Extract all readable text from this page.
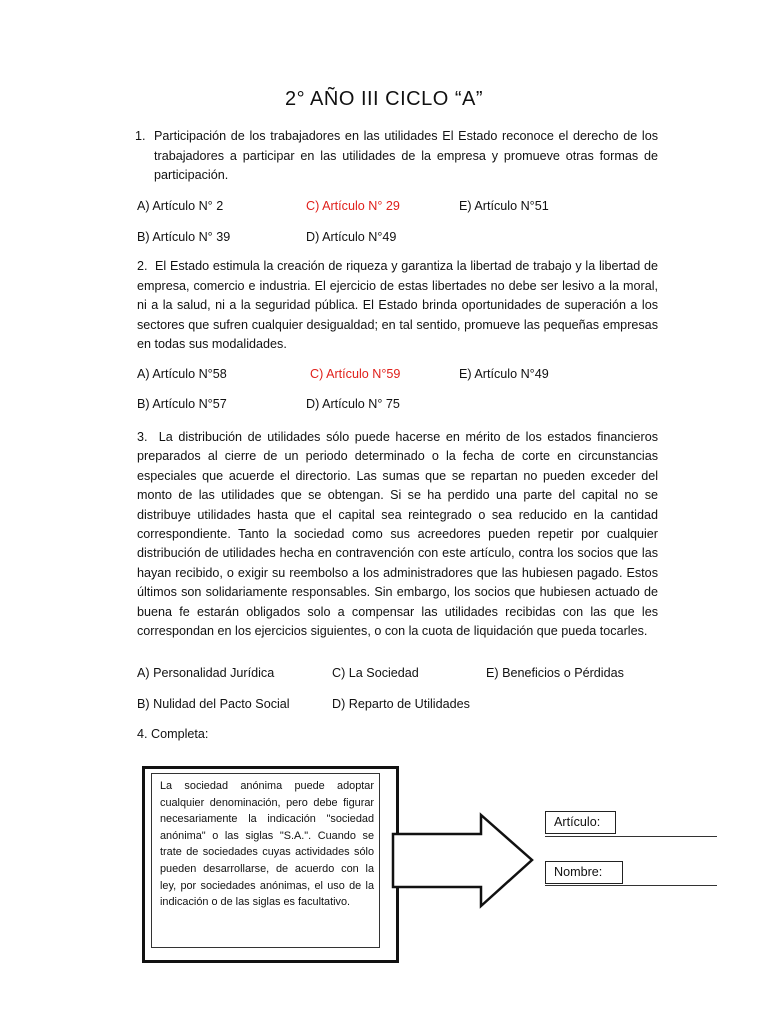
2° AÑO III CICLO “A”
1. Participación de los trabajadores en las utilidades El Estado reconoce el derecho de los trabajadores a participar en las utilidades de la empresa y promueve otras formas de participación.
A) Artículo N° 2	C) Artículo N° 29	E) Artículo N°51
B) Artículo N° 39	D) Artículo N°49
2. El Estado estimula la creación de riqueza y garantiza la libertad de trabajo y la libertad de empresa, comercio e industria. El ejercicio de estas libertades no debe ser lesivo a la moral, ni a la salud, ni a la seguridad pública. El Estado brinda oportunidades de superación a los sectores que sufren cualquier desigualdad; en tal sentido, promueve las pequeñas empresas en todas sus modalidades.
A) Artículo N°58	C) Artículo N°59	E) Artículo N°49
B) Artículo N°57	D) Artículo N° 75
3. La distribución de utilidades sólo puede hacerse en mérito de los estados financieros preparados al cierre de un periodo determinado o la fecha de corte en circunstancias especiales que acuerde el directorio. Las sumas que se repartan no pueden exceder del monto de las utilidades que se obtengan. Si se ha perdido una parte del capital no se distribuye utilidades hasta que el capital sea reintegrado o sea reducido en la cantidad correspondiente. Tanto la sociedad como sus acreedores pueden repetir por cualquier distribución de utilidades hecha en contravención con este artículo, contra los socios que las hayan recibido, o exigir su reembolso a los administradores que las hubiesen pagado. Estos últimos son solidariamente responsables. Sin embargo, los socios que hubiesen actuado de buena fe estarán obligados solo a compensar las utilidades recibidas con las que les correspondan en los ejercicios siguientes, o con la cuota de liquidación que pueda tocarles.
A) Personalidad Jurídica	C) La Sociedad	E) Beneficios o Pérdidas
B) Nulidad del Pacto Social	D) Reparto de Utilidades
4. Completa:
La sociedad anónima puede adoptar cualquier denominación, pero debe figurar necesariamente la indicación "sociedad anónima" o las siglas "S.A.". Cuando se trate de sociedades cuyas actividades sólo pueden desarrollarse, de acuerdo con la ley, por sociedades anónimas, el uso de la indicación o de las siglas es facultativo.
Artículo:
Nombre:
